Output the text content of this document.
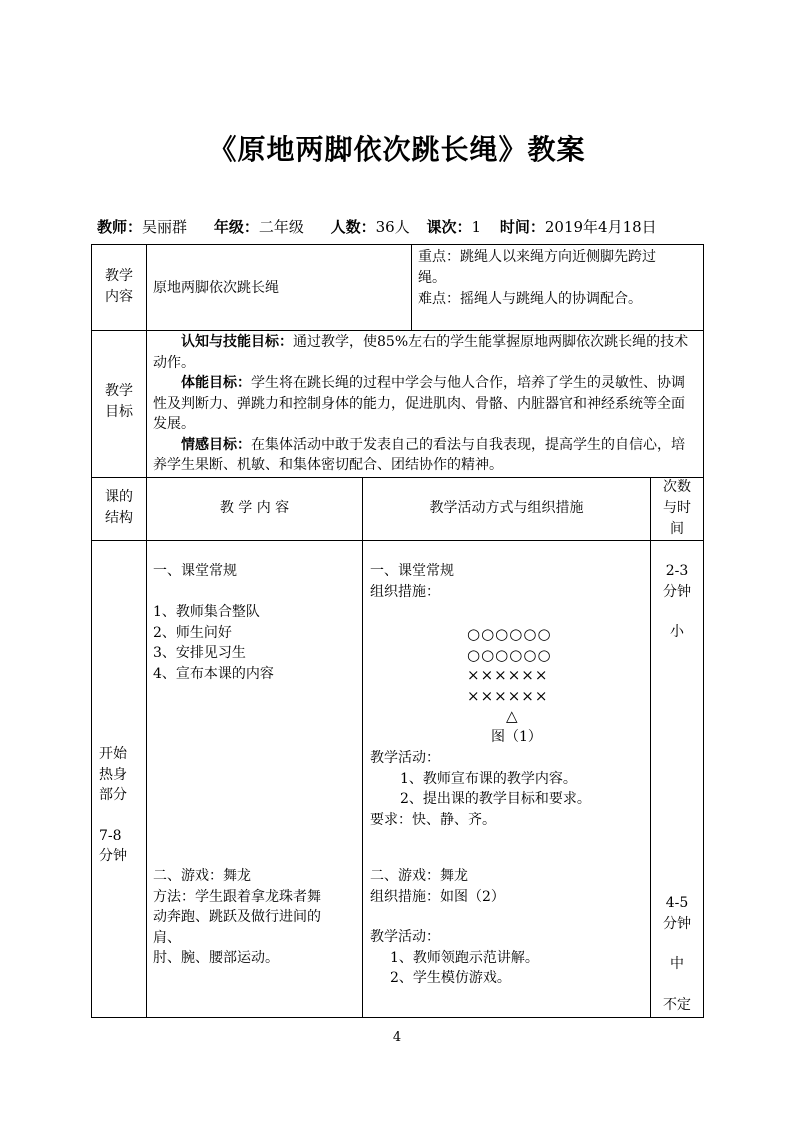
《原地两脚依次跳长绳》教案
教师：吴丽群 年级：二年级 人数：36人 课次：1 时间：2019年4月18日
教学
内容
原地两脚依次跳长绳
重点：跳绳人以来绳方向近侧脚先跨过
绳。
难点：摇绳人与跳绳人的协调配合。
教学
目标
认知与技能目标：通过教学，使85%左右的学生能掌握原地两脚依次跳长绳的技术动作。
体能目标：学生将在跳长绳的过程中学会与他人合作，培养了学生的灵敏性、协调性及判断力、弹跳力和控制身体的能力，促进肌肉、骨骼、内脏器官和神经系统等全面发展。
情感目标：在集体活动中敢于发表自己的看法与自我表现，提高学生的自信心，培养学生果断、机敏、和集体密切配合、团结协作的精神。
课的
结构
教 学 内 容	教学活动方式与组织措施
次数
与时
间
开始
热身
部分
7-8
分钟
一、课堂常规
1、教师集合整队
2、师生问好
3、安排见习生
4、宣布本课的内容
一、课堂常规
组织措施：
○○○○○○
○○○○○○
××××××
××××××
△
图（1）
教学活动：
1、教师宣布课的教学内容。
2、提出课的教学目标和要求。
要求：快、静、齐。
2-3
分钟
小
二、游戏：舞龙
方法：学生跟着拿龙珠者舞
动奔跑、跳跃及做行进间的
肩、
肘、腕、腰部运动。
二、游戏：舞龙
组织措施：如图（2）
教学活动：
1、教师领跑示范讲解。
2、学生模仿游戏。
4-5
分钟
中
不定
4
